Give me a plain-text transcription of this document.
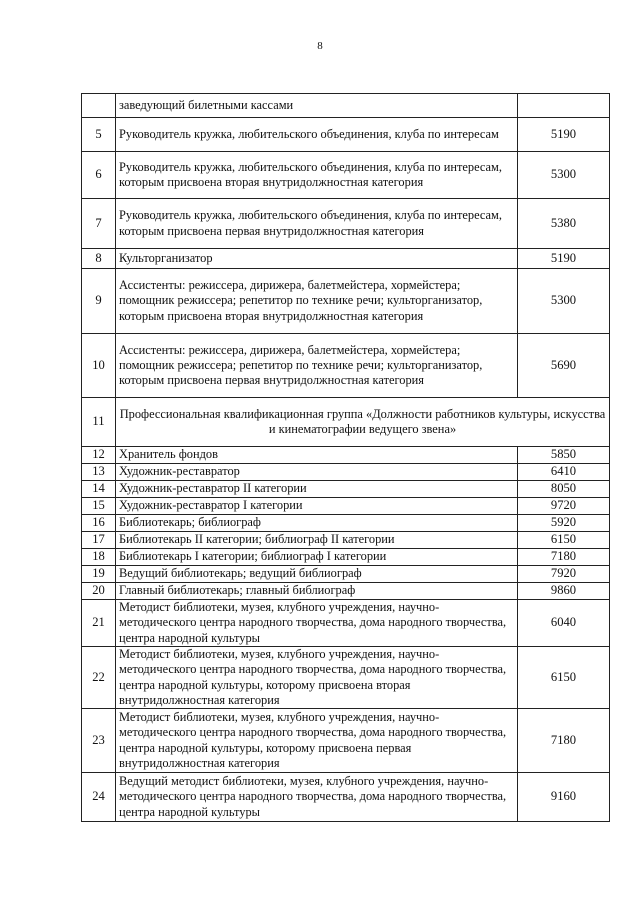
8
	заведующий билетными кассами	
5	Руководитель кружка, любительского объединения, клуба по интересам	5190
6	Руководитель кружка, любительского объединения, клуба по интересам, которым присвоена вторая внутридолжностная категория	5300
7	Руководитель кружка, любительского объединения, клуба по интересам, которым присвоена первая внутридолжностная категория	5380
8	Культорганизатор	5190
9	Ассистенты: режиссера, дирижера, балетмейстера, хормейстера; помощник режиссера; репетитор по технике речи; культорганизатор, которым присвоена вторая внутридолжностная категория	5300
10	Ассистенты: режиссера, дирижера, балетмейстера, хормейстера; помощник режиссера; репетитор по технике речи; культорганизатор, которым присвоена первая внутридолжностная категория	5690
11	Профессиональная квалификационная группа «Должности работников культуры, искусства и кинематографии ведущего звена»	
12	Хранитель фондов	5850
13	Художник-реставратор	6410
14	Художник-реставратор II категории	8050
15	Художник-реставратор I категории	9720
16	Библиотекарь; библиограф	5920
17	Библиотекарь II категории; библиограф II категории	6150
18	Библиотекарь I категории; библиограф I категории	7180
19	Ведущий библиотекарь; ведущий библиограф	7920
20	Главный библиотекарь; главный библиограф	9860
21	Методист библиотеки, музея, клубного учреждения, научно-методического центра народного творчества, дома народного творчества, центра народной культуры	6040
22	Методист библиотеки, музея, клубного учреждения, научно-методического центра народного творчества, дома народного творчества, центра народной культуры, которому присвоена вторая внутридолжностная категория	6150
23	Методист библиотеки, музея, клубного учреждения, научно-методического центра народного творчества, дома народного творчества, центра народной культуры, которому присвоена первая внутридолжностная категория	7180
24	Ведущий методист библиотеки, музея, клубного учреждения, научно- методического центра народного творчества, дома народного творчества, центра народной культуры	9160
